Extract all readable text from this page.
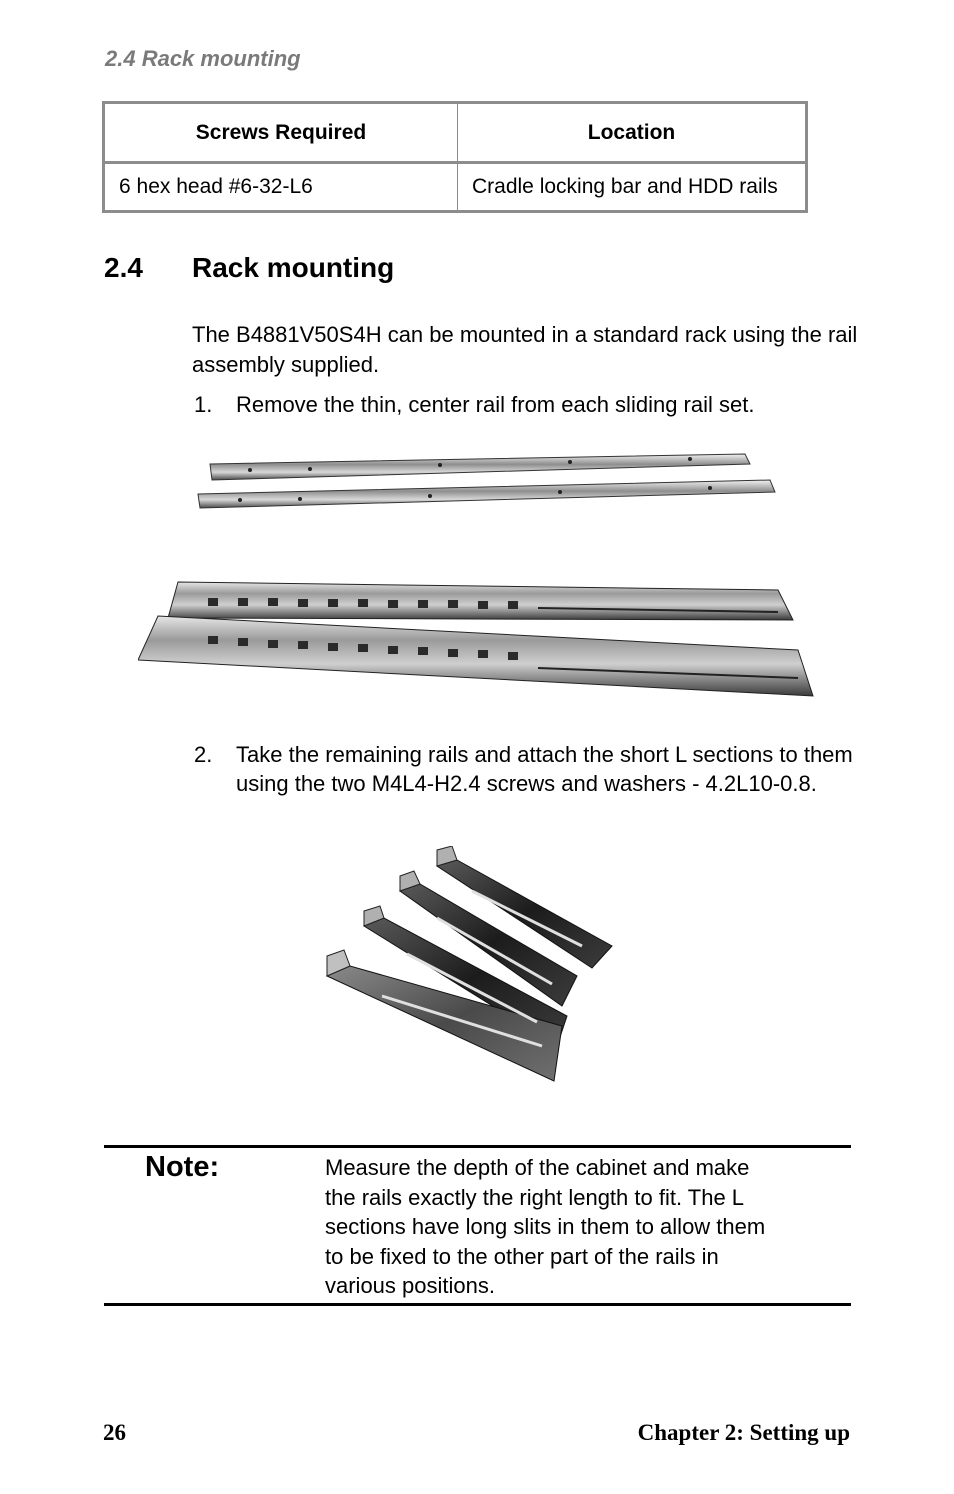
2.4 Rack mounting
Screws Required	Location
6 hex head #6-32-L6	Cradle locking bar and HDD rails
2.4 Rack mounting
The B4881V50S4H can be mounted in a standard rack using the rail assembly supplied.
1. Remove the thin, center rail from each sliding rail set.
2. Take the remaining rails and attach the short L sections to them using the two M4L4-H2.4 screws and washers - 4.2L10-0.8.
Note:	Measure the depth of the cabinet and make the rails exactly the right length to fit. The L sections have long slits in them to allow them to be fixed to the other part of the rails in various positions.
26	Chapter 2: Setting up
